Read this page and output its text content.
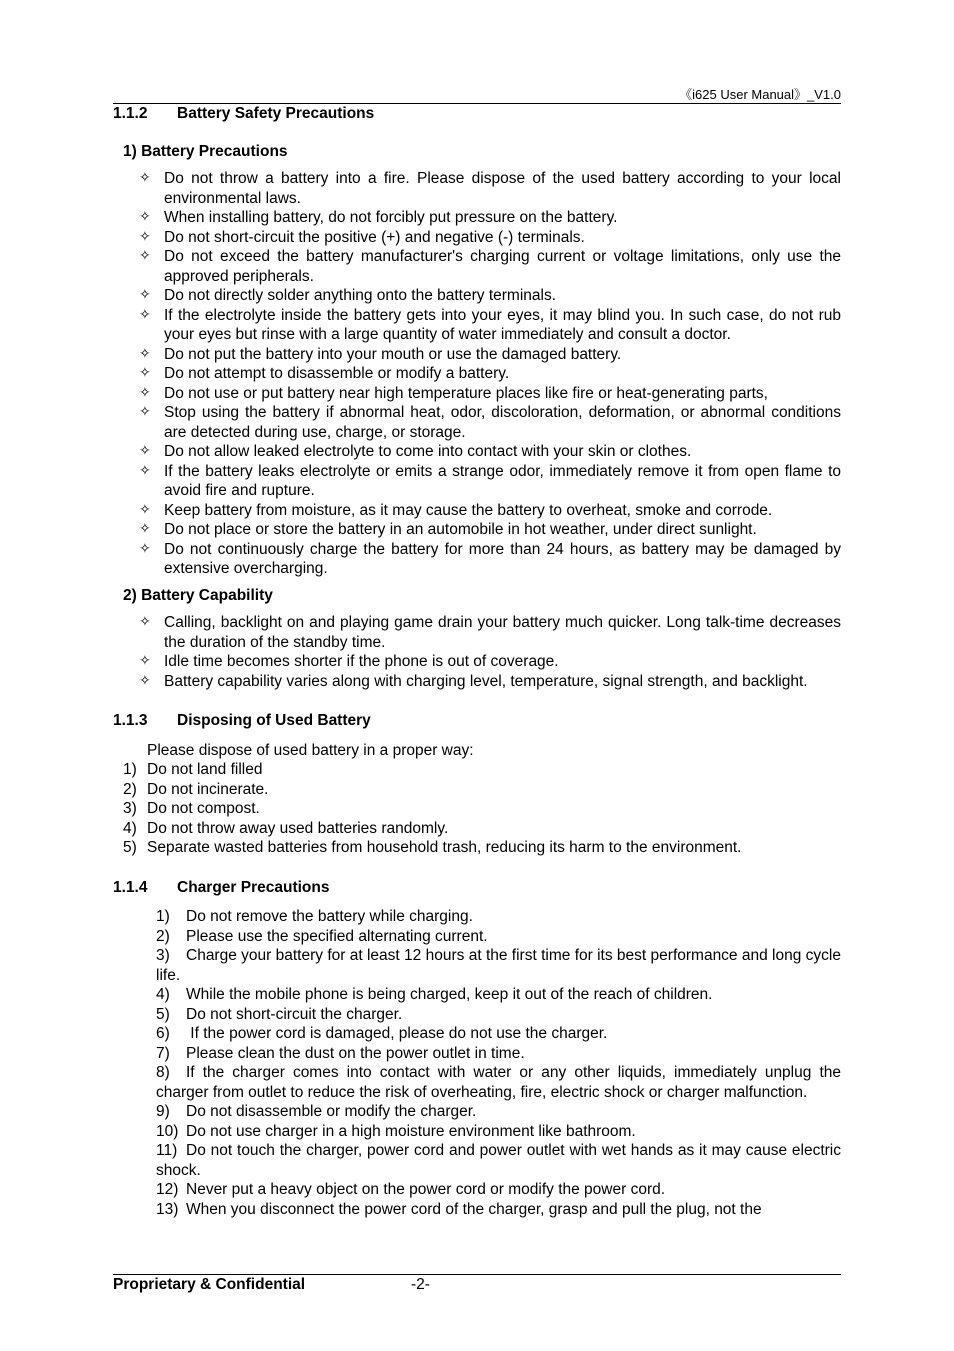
《i625 User Manual》_V1.0
1.1.2	Battery Safety Precautions
1) Battery Precautions
✧ Do not throw a battery into a fire. Please dispose of the used battery according to your local environmental laws.
✧ When installing battery, do not forcibly put pressure on the battery.
✧ Do not short-circuit the positive (+) and negative (-) terminals.
✧ Do not exceed the battery manufacturer's charging current or voltage limitations, only use the approved peripherals.
✧ Do not directly solder anything onto the battery terminals.
✧ If the electrolyte inside the battery gets into your eyes, it may blind you. In such case, do not rub your eyes but rinse with a large quantity of water immediately and consult a doctor.
✧ Do not put the battery into your mouth or use the damaged battery.
✧ Do not attempt to disassemble or modify a battery.
✧ Do not use or put battery near high temperature places like fire or heat-generating parts,
✧ Stop using the battery if abnormal heat, odor, discoloration, deformation, or abnormal conditions are detected during use, charge, or storage.
✧ Do not allow leaked electrolyte to come into contact with your skin or clothes.
✧ If the battery leaks electrolyte or emits a strange odor, immediately remove it from open flame to avoid fire and rupture.
✧ Keep battery from moisture, as it may cause the battery to overheat, smoke and corrode.
✧ Do not place or store the battery in an automobile in hot weather, under direct sunlight.
✧ Do not continuously charge the battery for more than 24 hours, as battery may be damaged by extensive overcharging.
2) Battery Capability
✧ Calling, backlight on and playing game drain your battery much quicker. Long talk-time decreases the duration of the standby time.
✧ Idle time becomes shorter if the phone is out of coverage.
✧ Battery capability varies along with charging level, temperature, signal strength, and backlight.
1.1.3	Disposing of Used Battery
Please dispose of used battery in a proper way:
1) Do not land filled
2) Do not incinerate.
3) Do not compost.
4) Do not throw away used batteries randomly.
5) Separate wasted batteries from household trash, reducing its harm to the environment.
1.1.4	Charger Precautions
1) Do not remove the battery while charging.
2) Please use the specified alternating current.
3) Charge your battery for at least 12 hours at the first time for its best performance and long cycle life.
4) While the mobile phone is being charged, keep it out of the reach of children.
5) Do not short-circuit the charger.
6) If the power cord is damaged, please do not use the charger.
7) Please clean the dust on the power outlet in time.
8) If the charger comes into contact with water or any other liquids, immediately unplug the charger from outlet to reduce the risk of overheating, fire, electric shock or charger malfunction.
9) Do not disassemble or modify the charger.
10) Do not use charger in a high moisture environment like bathroom.
11) Do not touch the charger, power cord and power outlet with wet hands as it may cause electric shock.
12) Never put a heavy object on the power cord or modify the power cord.
13) When you disconnect the power cord of the charger, grasp and pull the plug, not the
Proprietary & Confidential	-2-
